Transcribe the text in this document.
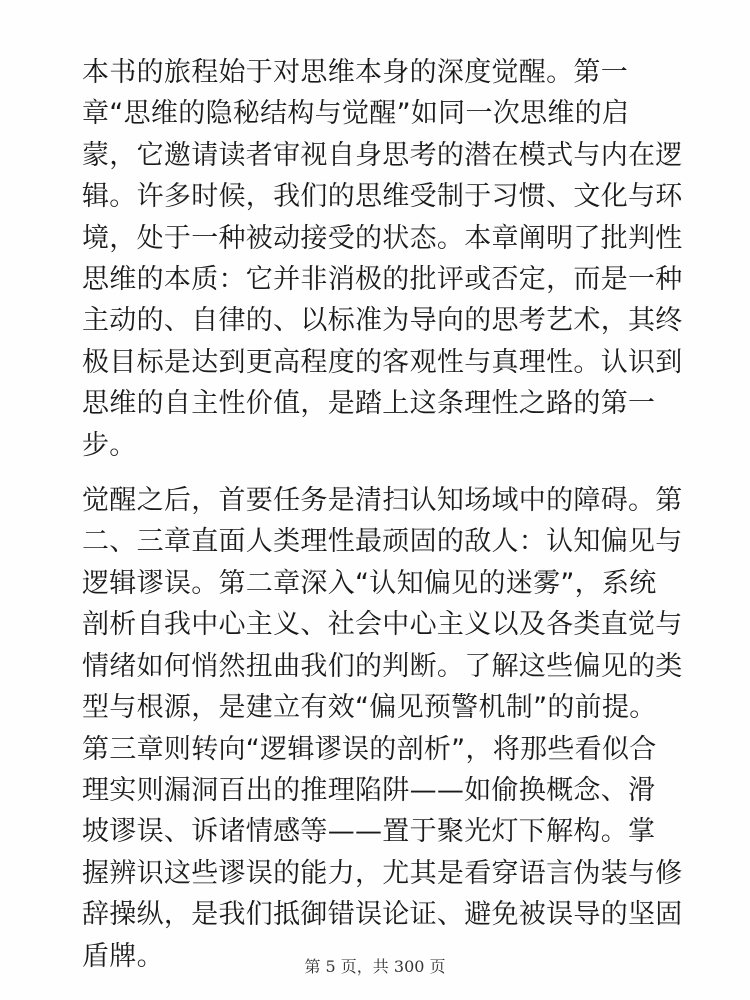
本书的旅程始于对思维本身的深度觉醒。第一
章“思维的隐秘结构与觉醒”如同一次思维的启
蒙，它邀请读者审视自身思考的潜在模式与内在逻
辑。许多时候，我们的思维受制于习惯、文化与环
境，处于一种被动接受的状态。本章阐明了批判性
思维的本质：它并非消极的批评或否定，而是一种
主动的、自律的、以标准为导向的思考艺术，其终
极目标是达到更高程度的客观性与真理性。认识到
思维的自主性价值，是踏上这条理性之路的第一
步。

觉醒之后，首要任务是清扫认知场域中的障碍。第
二、三章直面人类理性最顽固的敌人：认知偏见与
逻辑谬误。第二章深入“认知偏见的迷雾”，系统
剖析自我中心主义、社会中心主义以及各类直觉与
情绪如何悄然扭曲我们的判断。了解这些偏见的类
型与根源，是建立有效“偏见预警机制”的前提。
第三章则转向“逻辑谬误的剖析”，将那些看似合
理实则漏洞百出的推理陷阱——如偷换概念、滑
坡谬误、诉诸情感等——置于聚光灯下解构。掌
握辨识这些谬误的能力，尤其是看穿语言伪装与修
辞操纵，是我们抵御错误论证、避免被误导的坚固
盾牌。	第 5 页，共 300 页
